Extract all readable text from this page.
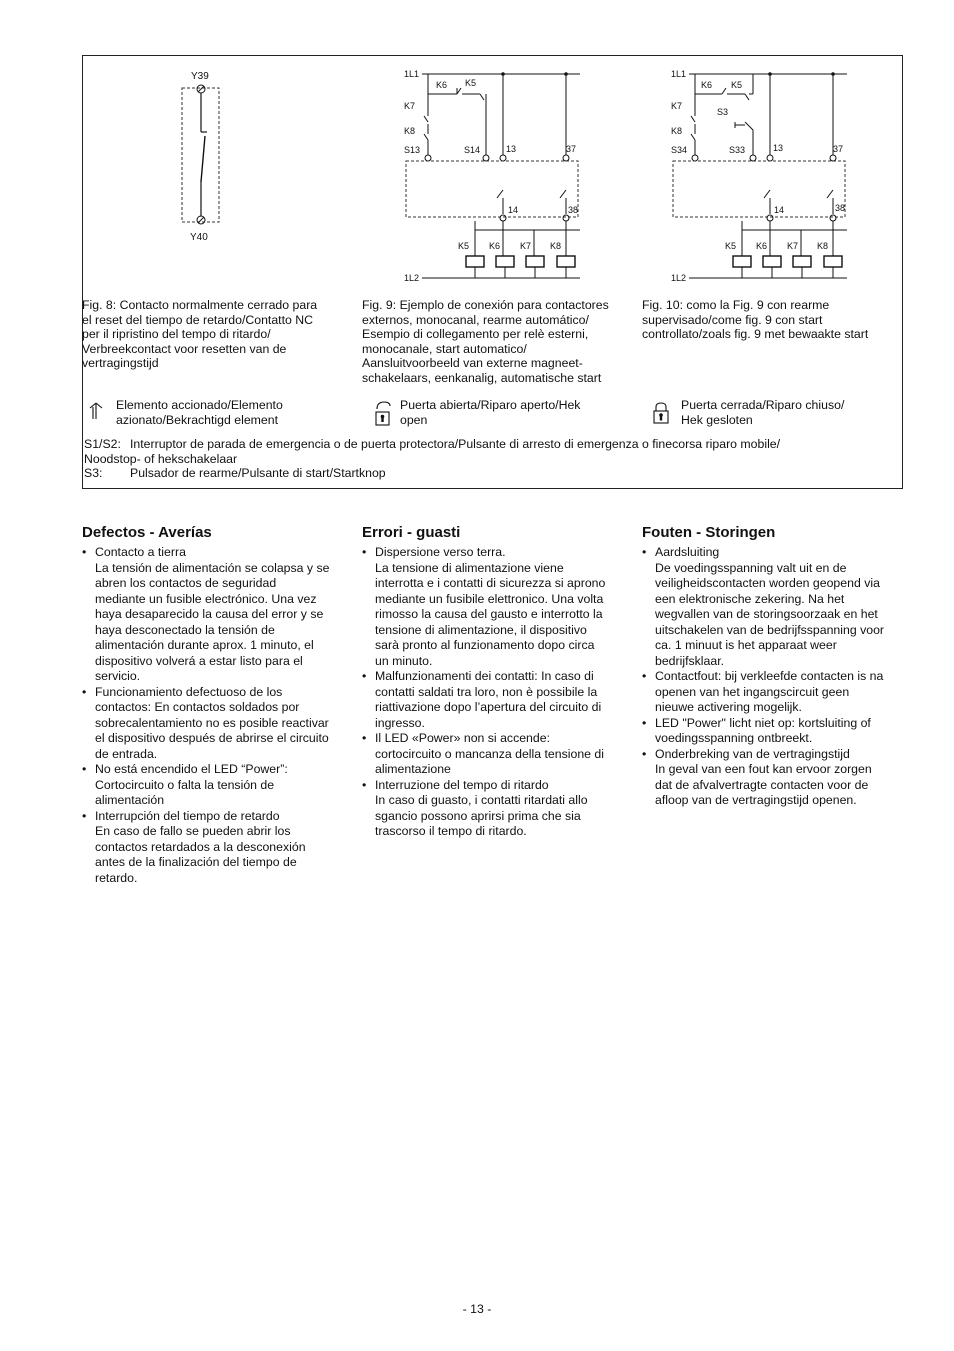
Y39
Y40
1L1
1L2
K6 K5
K7
K8
S13	S14	13	37
14	38
K5 K6 K7 K8
1L1
1L2
K6 K5
S3
K7
K8
S34	S33	13	37
14	38
K5 K6 K7 K8
Fig. 8: Contacto normalmente cerrado para
el reset del tiempo de retardo/Contatto NC
per il ripristino del tempo di ritardo/
Verbreekcontact voor resetten van de
vertragingstijd
Fig. 9: Ejemplo de conexión para contactores
externos, monocanal, rearme automático/
Esempio di collegamento per relè esterni,
monocanale, start automatico/
Aansluitvoorbeeld van externe magneet-
schakelaars, eenkanalig, automatische start
Fig. 10: como la Fig. 9 con rearme
supervisado/come fig. 9 con start
controllato/zoals fig. 9 met bewaakte start
Elemento accionado/Elemento
azionato/Bekrachtigd element
Puerta abierta/Riparo aperto/Hek
open
Puerta cerrada/Riparo chiuso/
Hek gesloten
S1/S2: Interruptor de parada de emergencia o de puerta protectora/Pulsante di arresto di emergenza o finecorsa riparo mobile/
Noodstop- of hekschakelaar
S3:	Pulsador de rearme/Pulsante di start/Startknop
Defectos - Averías
• Contacto a tierra
La tensión de alimentación se colapsa y se
abren los contactos de seguridad
mediante un fusible electrónico. Una vez
haya desaparecido la causa del error y se
haya desconectado la tensión de
alimentación durante aprox. 1 minuto, el
dispositivo volverá a estar listo para el
servicio.
• Funcionamiento defectuoso de los
contactos: En contactos soldados por
sobrecalentamiento no es posible reactivar
el dispositivo después de abrirse el circuito
de entrada.
• No está encendido el LED “Power”:
Cortocircuito o falta la tensión de
alimentación
• Interrupción del tiempo de retardo
En caso de fallo se pueden abrir los
contactos retardados a la desconexión
antes de la finalización del tiempo de
retardo.
Errori - guasti
• Dispersione verso terra.
La tensione di alimentazione viene
interrotta e i contatti di sicurezza si aprono
mediante un fusibile elettronico. Una volta
rimosso la causa del gausto e interrotto la
tensione di alimentazione, il dispositivo
sarà pronto al funzionamento dopo circa
un minuto.
• Malfunzionamenti dei contatti: In caso di
contatti saldati tra loro, non è possibile la
riattivazione dopo l’apertura del circuito di
ingresso.
• Il LED «Power» non si accende:
cortocircuito o mancanza della tensione di
alimentazione
• Interruzione del tempo di ritardo
In caso di guasto, i contatti ritardati allo
sgancio possono aprirsi prima che sia
trascorso il tempo di ritardo.
Fouten - Storingen
• Aardsluiting
De voedingsspanning valt uit en de
veiligheidscontacten worden geopend via
een elektronische zekering. Na het
wegvallen van de storingsoorzaak en het
uitschakelen van de bedrijfsspanning voor
ca. 1 minuut is het apparaat weer
bedrijfsklaar.
• Contactfout: bij verkleefde contacten is na
openen van het ingangscircuit geen
nieuwe activering mogelijk.
• LED "Power" licht niet op: kortsluiting of
voedingsspanning ontbreekt.
• Onderbreking van de vertragingstijd
In geval van een fout kan ervoor zorgen
dat de afvalvertragte contacten voor de
afloop van de vertragingstijd openen.
- 13 -
